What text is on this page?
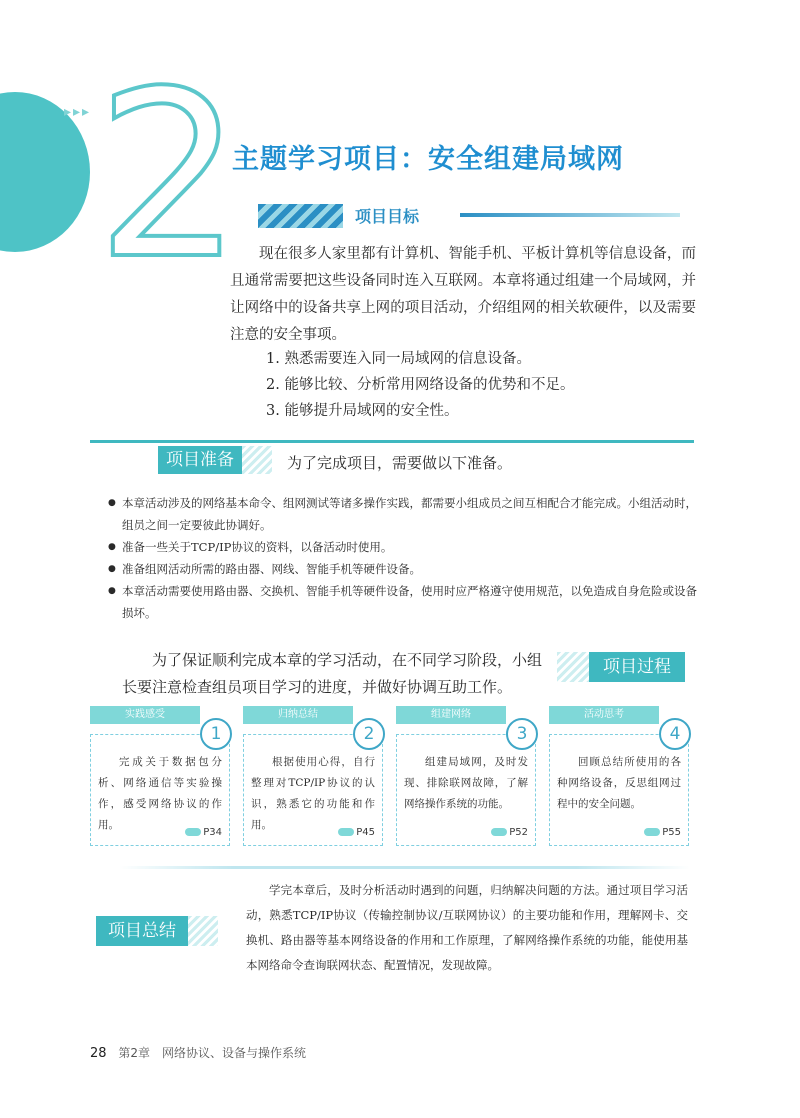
▸▸▸ 2
主题学习项目：安全组建局域网
项目目标
现在很多人家里都有计算机、智能手机、平板计算机等信息设备，而且通常需要把这些设备同时连入互联网。本章将通过组建一个局域网，并让网络中的设备共享上网的项目活动，介绍组网的相关软硬件，以及需要注意的安全事项。
1. 熟悉需要连入同一局域网的信息设备。
2. 能够比较、分析常用网络设备的优势和不足。
3. 能够提升局域网的安全性。
项目准备	为了完成项目，需要做以下准备。
● 本章活动涉及的网络基本命令、组网测试等诸多操作实践，都需要小组成员之间互相配合才能完成。小组活动时，组员之间一定要彼此协调好。
● 准备一些关于TCP/IP协议的资料，以备活动时使用。
● 准备组网活动所需的路由器、网线、智能手机等硬件设备。
● 本章活动需要使用路由器、交换机、智能手机等硬件设备，使用时应严格遵守使用规范，以免造成自身危险或设备损坏。
为了保证顺利完成本章的学习活动，在不同学习阶段，小组长要注意检查组员项目学习的进度，并做好协调互助工作。
项目过程
实践感受
1
完成关于数据包分析、网络通信等实验操作，感受网络协议的作用。
P34
归纳总结
2
根据使用心得，自行整理对TCP/IP协议的认识，熟悉它的功能和作用。
P45
组建网络
3
组建局域网，及时发现、排除联网故障，了解网络操作系统的功能。
P52
活动思考
4
回顾总结所使用的各种网络设备，反思组网过程中的安全问题。
P55
项目总结
学完本章后，及时分析活动时遇到的问题，归纳解决问题的方法。通过项目学习活动，熟悉TCP/IP协议（传输控制协议/互联网协议）的主要功能和作用，理解网卡、交换机、路由器等基本网络设备的作用和工作原理，了解网络操作系统的功能，能使用基本网络命令查询联网状态、配置情况，发现故障。
28 第2章　网络协议、设备与操作系统
